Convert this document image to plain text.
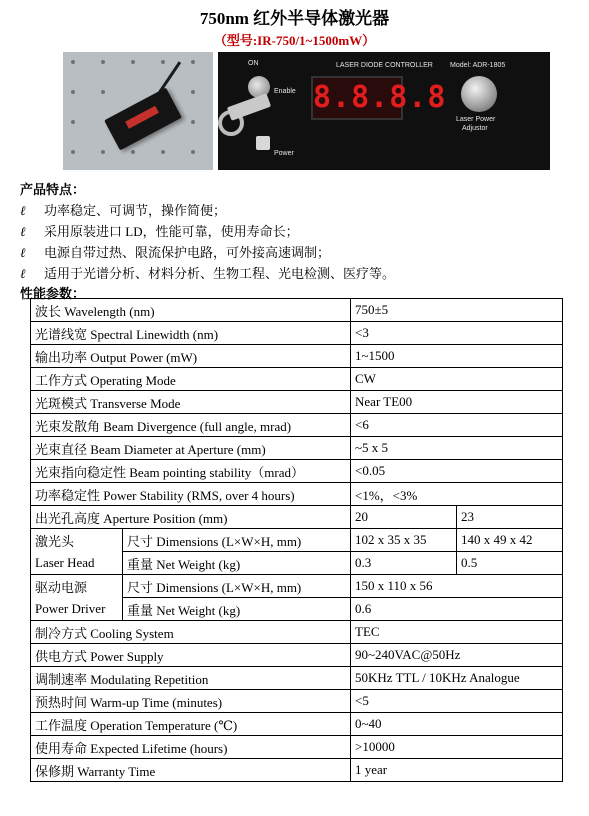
750nm 红外半导体激光器
（型号:IR-750/1~1500mW）
ON
Enable
Power
LASER DIODE CONTROLLER Model: ADR-1805
8.8.8.8
Laser Power
Adjustor
产品特点：
ℓ 功率稳定、可调节，操作简便；
ℓ 采用原装进口 LD，性能可靠，使用寿命长；
ℓ 电源自带过热、限流保护电路，可外接高速调制；
ℓ 适用于光谱分析、材料分析、生物工程、光电检测、医疗等。
性能参数：
波长 Wavelength (nm)		750±5	
光谱线宽 Spectral Linewidth (nm)		<3	
输出功率 Output Power (mW)		1~1500	
工作方式 Operating Mode		CW	
光斑模式 Transverse Mode		Near TE00	
光束发散角 Beam Divergence (full angle, mrad)		<6	
光束直径 Beam Diameter at Aperture (mm)		~5 x 5	
光束指向稳定性 Beam pointing stability（mrad）		<0.05	
功率稳定性 Power Stability (RMS, over 4 hours)		<1%，<3%	
出光孔高度 Aperture Position (mm)		20	23
激光头	尺寸 Dimensions (L×W×H, mm)	102 x 35 x 35	140 x 49 x 42
Laser Head	重量 Net Weight (kg)	0.3	0.5
驱动电源	尺寸 Dimensions (L×W×H, mm)	150 x 110 x 56	
Power Driver	重量 Net Weight (kg)	0.6	
制冷方式 Cooling System		TEC	
供电方式 Power Supply		90~240VAC@50Hz	
调制速率 Modulating Repetition		50KHz TTL / 10KHz Analogue	
预热时间 Warm-up Time (minutes)		<5	
工作温度 Operation Temperature (℃)		0~40	
使用寿命 Expected Lifetime (hours)		>10000	
保修期 Warranty Time		1 year	
